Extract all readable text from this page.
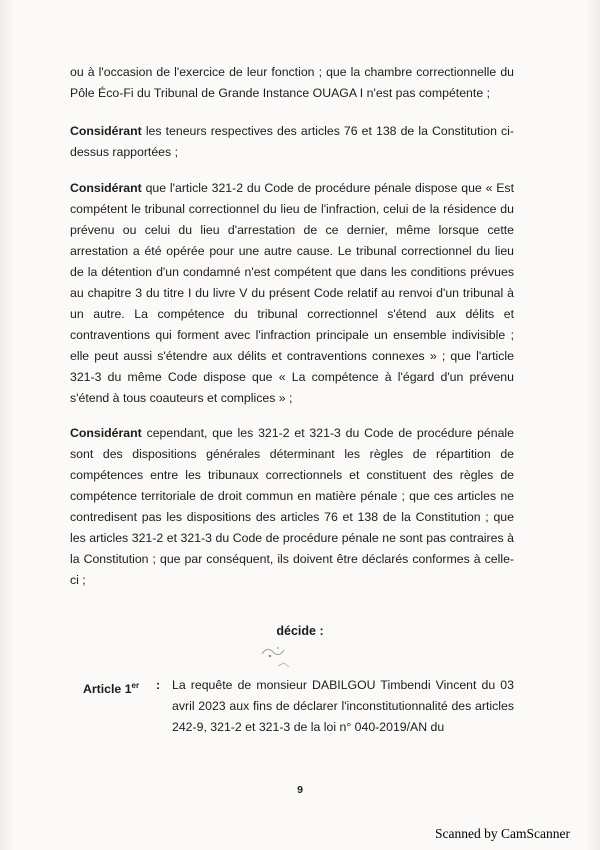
ou à l'occasion de l'exercice de leur fonction ; que la chambre correctionnelle du Pôle Éco-Fi du Tribunal de Grande Instance OUAGA I n'est pas compétente ;

Considérant les teneurs respectives des articles 76 et 138 de la Constitution ci-dessus rapportées ;

Considérant que l'article 321-2 du Code de procédure pénale dispose que « Est compétent le tribunal correctionnel du lieu de l'infraction, celui de la résidence du prévenu ou celui du lieu d'arrestation de ce dernier, même lorsque cette arrestation a été opérée pour une autre cause. Le tribunal correctionnel du lieu de la détention d'un condamné n'est compétent que dans les conditions prévues au chapitre 3 du titre I du livre V du présent Code relatif au renvoi d'un tribunal à un autre. La compétence du tribunal correctionnel s'étend aux délits et contraventions qui forment avec l'infraction principale un ensemble indivisible ; elle peut aussi s'étendre aux délits et contraventions connexes » ; que l'article 321-3 du même Code dispose que « La compétence à l'égard d'un prévenu s'étend à tous coauteurs et complices » ;

Considérant cependant, que les 321-2 et 321-3 du Code de procédure pénale sont des dispositions générales déterminant les règles de répartition de compétences entre les tribunaux correctionnels et constituent des règles de compétence territoriale de droit commun en matière pénale ; que ces articles ne contredisent pas les dispositions des articles 76 et 138 de la Constitution ; que les articles 321-2 et 321-3 du Code de procédure pénale ne sont pas contraires à la Constitution ; que par conséquent, ils doivent être déclarés conformes à celle-ci ;

décide :
Article 1er	: La requête de monsieur DABILGOU Timbendi Vincent du 03 avril 2023 aux fins de déclarer l'inconstitutionnalité des articles 242-9, 321-2 et 321-3 de la loi n° 040-2019/AN du
9
Scanned by CamScanner
